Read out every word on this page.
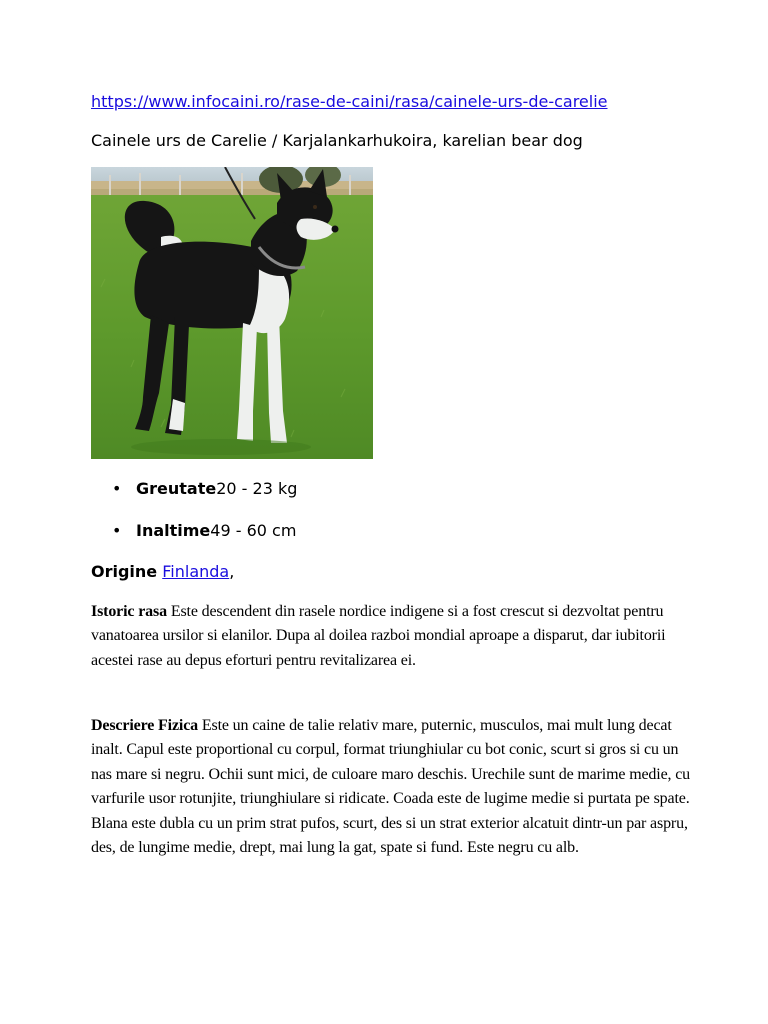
https://www.infocaini.ro/rase-de-caini/rasa/cainele-urs-de-carelie
Cainele urs de Carelie / Karjalankarhukoira, karelian bear dog
• Greutate20 - 23 kg
• Inaltime49 - 60 cm
Origine Finlanda,

Istoric rasa Este descendent din rasele nordice indigene si a fost crescut si dezvoltat pentru vanatoarea ursilor si elanilor. Dupa al doilea razboi mondial aproape a disparut, dar iubitorii acestei rase au depus eforturi pentru revitalizarea ei.

Descriere Fizica Este un caine de talie relativ mare, puternic, musculos, mai mult lung decat inalt. Capul este proportional cu corpul, format triunghiular cu bot conic, scurt si gros si cu un nas mare si negru. Ochii sunt mici, de culoare maro deschis. Urechile sunt de marime medie, cu varfurile usor rotunjite, triunghiulare si ridicate. Coada este de lugime medie si purtata pe spate. Blana este dubla cu un prim strat pufos, scurt, des si un strat exterior alcatuit dintr-un par aspru, des, de lungime medie, drept, mai lung la gat, spate si fund. Este negru cu alb.
